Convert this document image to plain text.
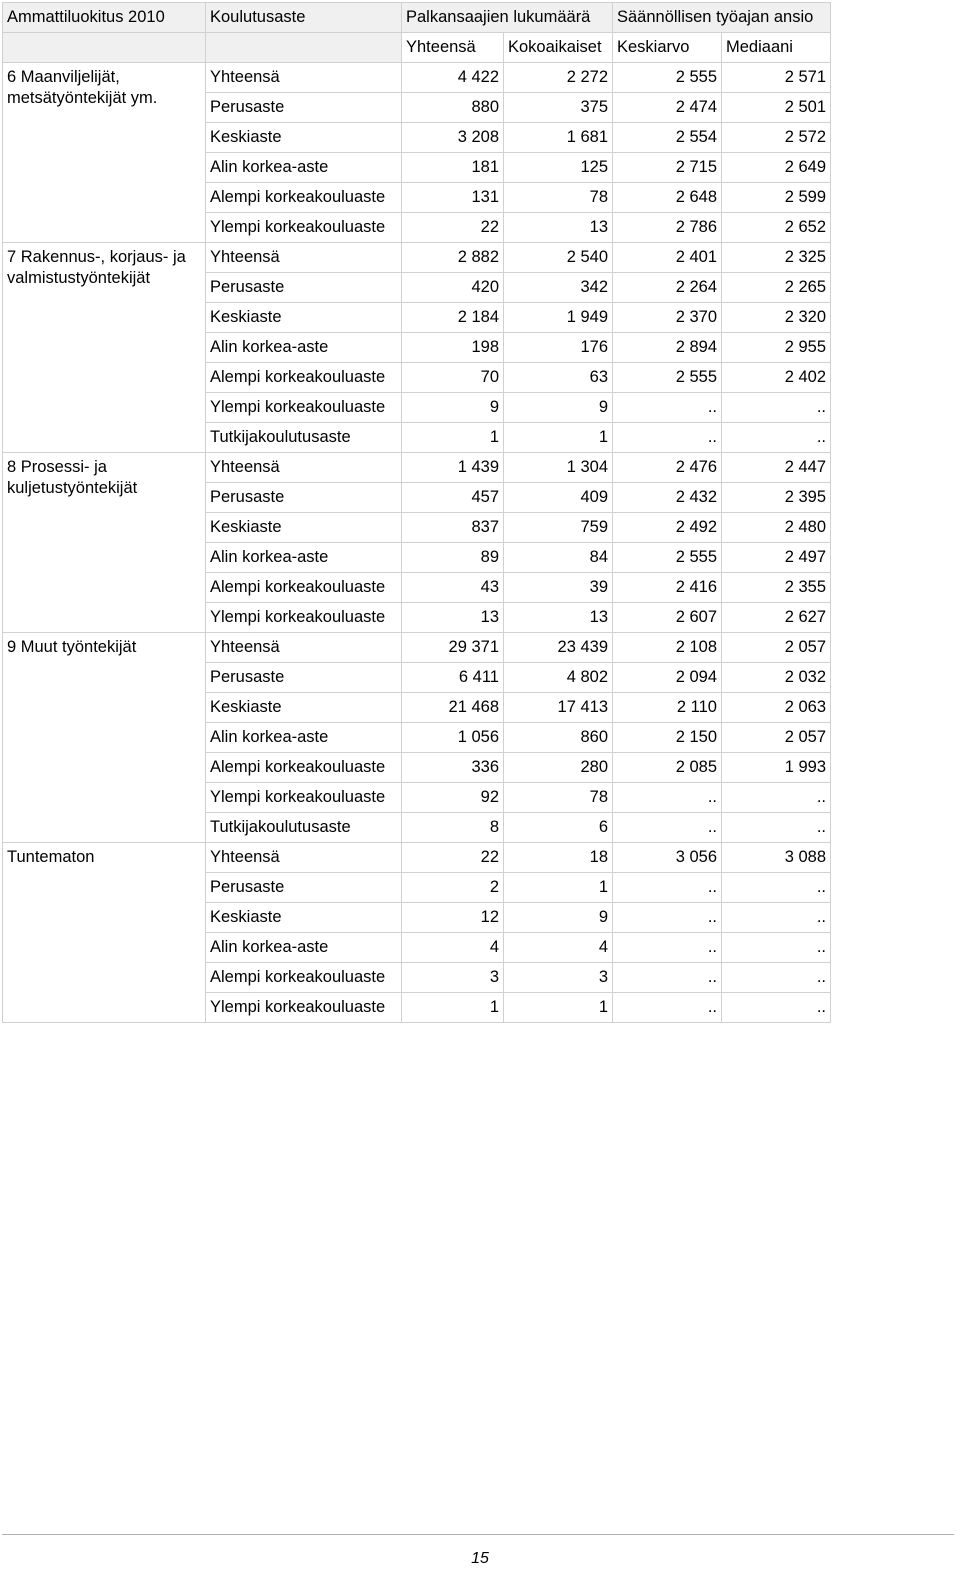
Ammattiluokitus 2010	Koulutusaste	Palkansaajien lukumäärä		Säännöllisen työajan ansio	
		Yhteensä	Kokoaikaiset	Keskiarvo	Mediaani
6 Maanviljelijät, metsätyöntekijät ym.	Yhteensä	4 422	2 272	2 555	2 571
	Perusaste	880	375	2 474	2 501
	Keskiaste	3 208	1 681	2 554	2 572
	Alin korkea-aste	181	125	2 715	2 649
	Alempi korkeakouluaste	131	78	2 648	2 599
	Ylempi korkeakouluaste	22	13	2 786	2 652
7 Rakennus-, korjaus- ja valmistustyöntekijät	Yhteensä	2 882	2 540	2 401	2 325
	Perusaste	420	342	2 264	2 265
	Keskiaste	2 184	1 949	2 370	2 320
	Alin korkea-aste	198	176	2 894	2 955
	Alempi korkeakouluaste	70	63	2 555	2 402
	Ylempi korkeakouluaste	9	9	..	..
	Tutkijakoulutusaste	1	1	..	..
8 Prosessi- ja kuljetustyöntekijät	Yhteensä	1 439	1 304	2 476	2 447
	Perusaste	457	409	2 432	2 395
	Keskiaste	837	759	2 492	2 480
	Alin korkea-aste	89	84	2 555	2 497
	Alempi korkeakouluaste	43	39	2 416	2 355
	Ylempi korkeakouluaste	13	13	2 607	2 627
9 Muut työntekijät	Yhteensä	29 371	23 439	2 108	2 057
	Perusaste	6 411	4 802	2 094	2 032
	Keskiaste	21 468	17 413	2 110	2 063
	Alin korkea-aste	1 056	860	2 150	2 057
	Alempi korkeakouluaste	336	280	2 085	1 993
	Ylempi korkeakouluaste	92	78	..	..
	Tutkijakoulutusaste	8	6	..	..
Tuntematon	Yhteensä	22	18	3 056	3 088
	Perusaste	2	1	..	..
	Keskiaste	12	9	..	..
	Alin korkea-aste	4	4	..	..
	Alempi korkeakouluaste	3	3	..	..
	Ylempi korkeakouluaste	1	1	..	..
15
